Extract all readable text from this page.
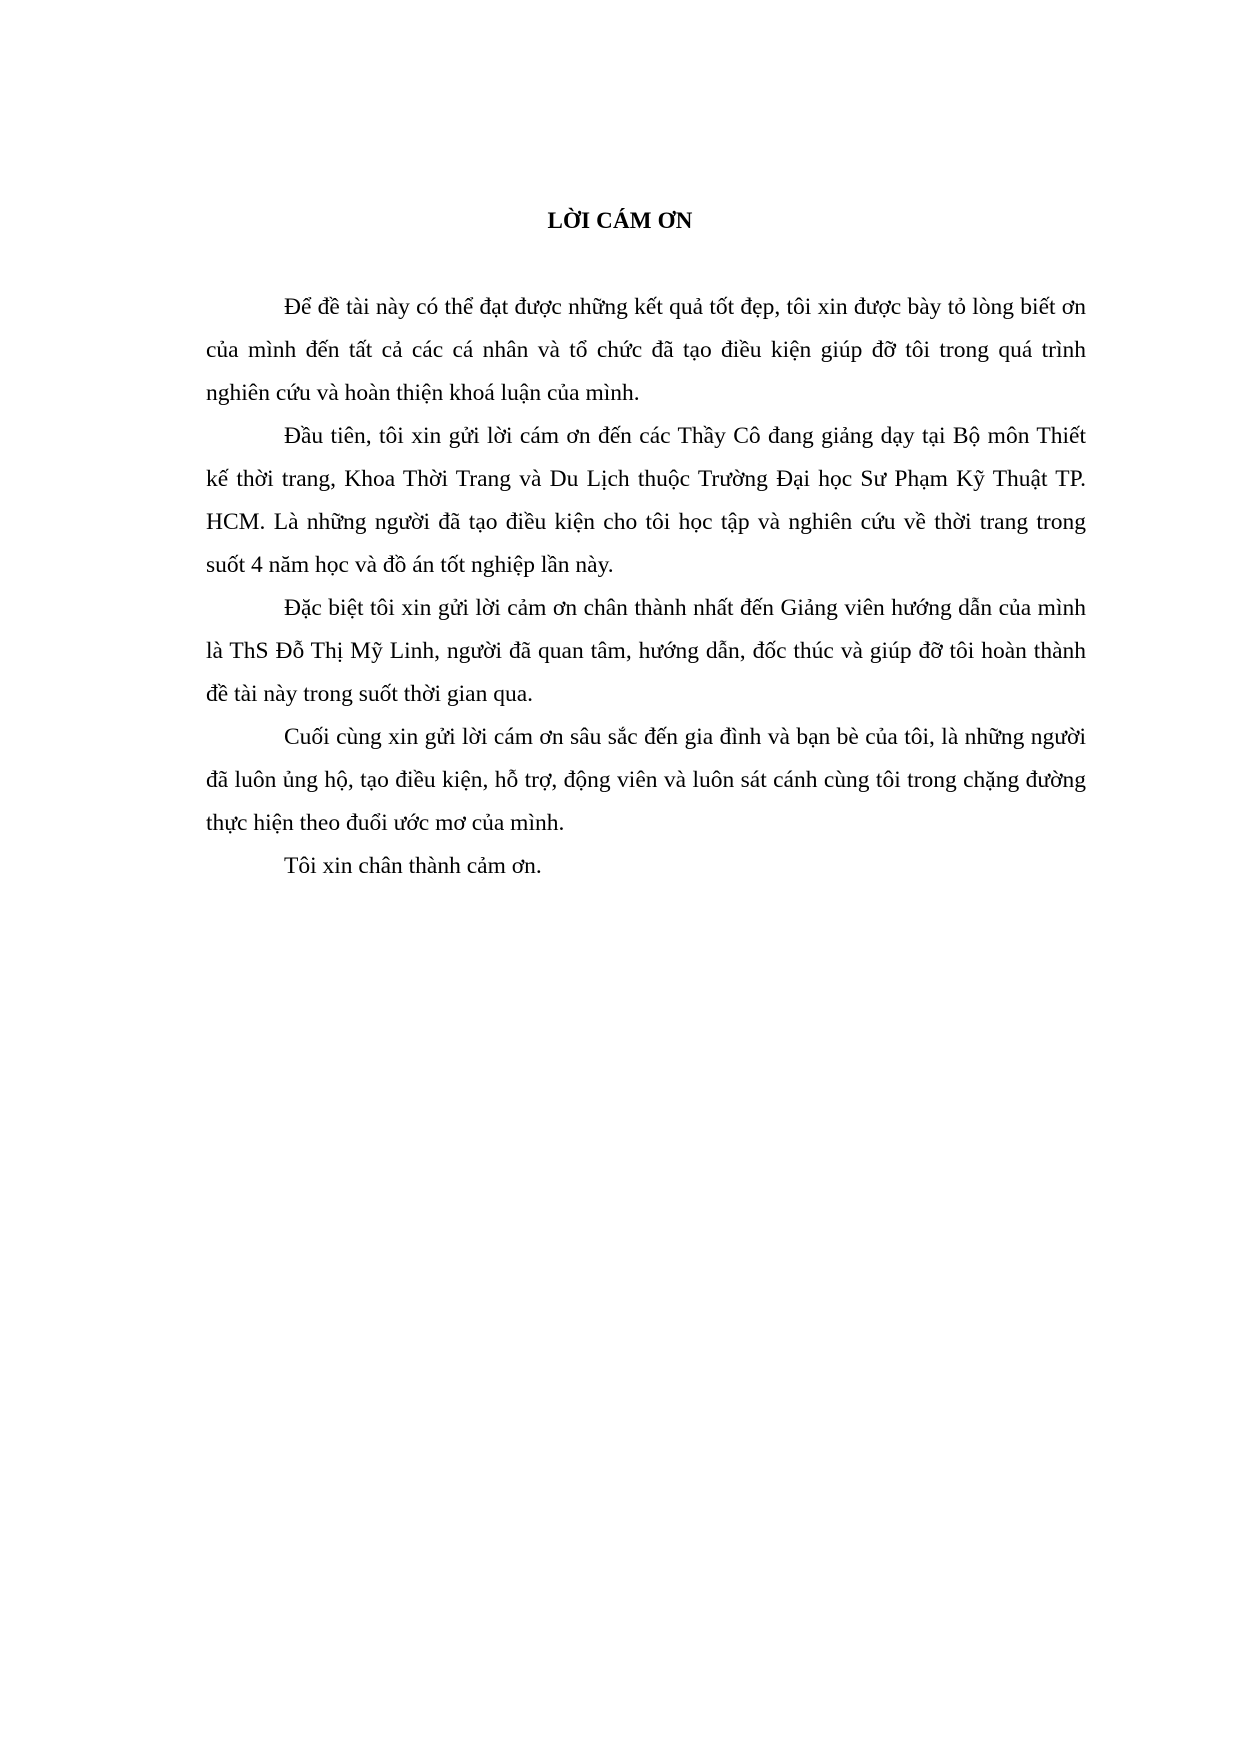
LỜI CÁM ƠN

Để đề tài này có thể đạt được những kết quả tốt đẹp, tôi xin được bày tỏ lòng biết ơn của mình đến tất cả các cá nhân và tổ chức đã tạo điều kiện giúp đỡ tôi trong quá trình nghiên cứu và hoàn thiện khoá luận của mình.

Đầu tiên, tôi xin gửi lời cám ơn đến các Thầy Cô đang giảng dạy tại Bộ môn Thiết kế thời trang, Khoa Thời Trang và Du Lịch thuộc Trường Đại học Sư Phạm Kỹ Thuật TP. HCM. Là những người đã tạo điều kiện cho tôi học tập và nghiên cứu về thời trang trong suốt 4 năm học và đồ án tốt nghiệp lần này.

Đặc biệt tôi xin gửi lời cảm ơn chân thành nhất đến Giảng viên hướng dẫn của mình là ThS Đỗ Thị Mỹ Linh, người đã quan tâm, hướng dẫn, đốc thúc và giúp đỡ tôi hoàn thành đề tài này trong suốt thời gian qua.

Cuối cùng xin gửi lời cám ơn sâu sắc đến gia đình và bạn bè của tôi, là những người đã luôn ủng hộ, tạo điều kiện, hỗ trợ, động viên và luôn sát cánh cùng tôi trong chặng đường thực hiện theo đuổi ước mơ của mình.

Tôi xin chân thành cảm ơn.
